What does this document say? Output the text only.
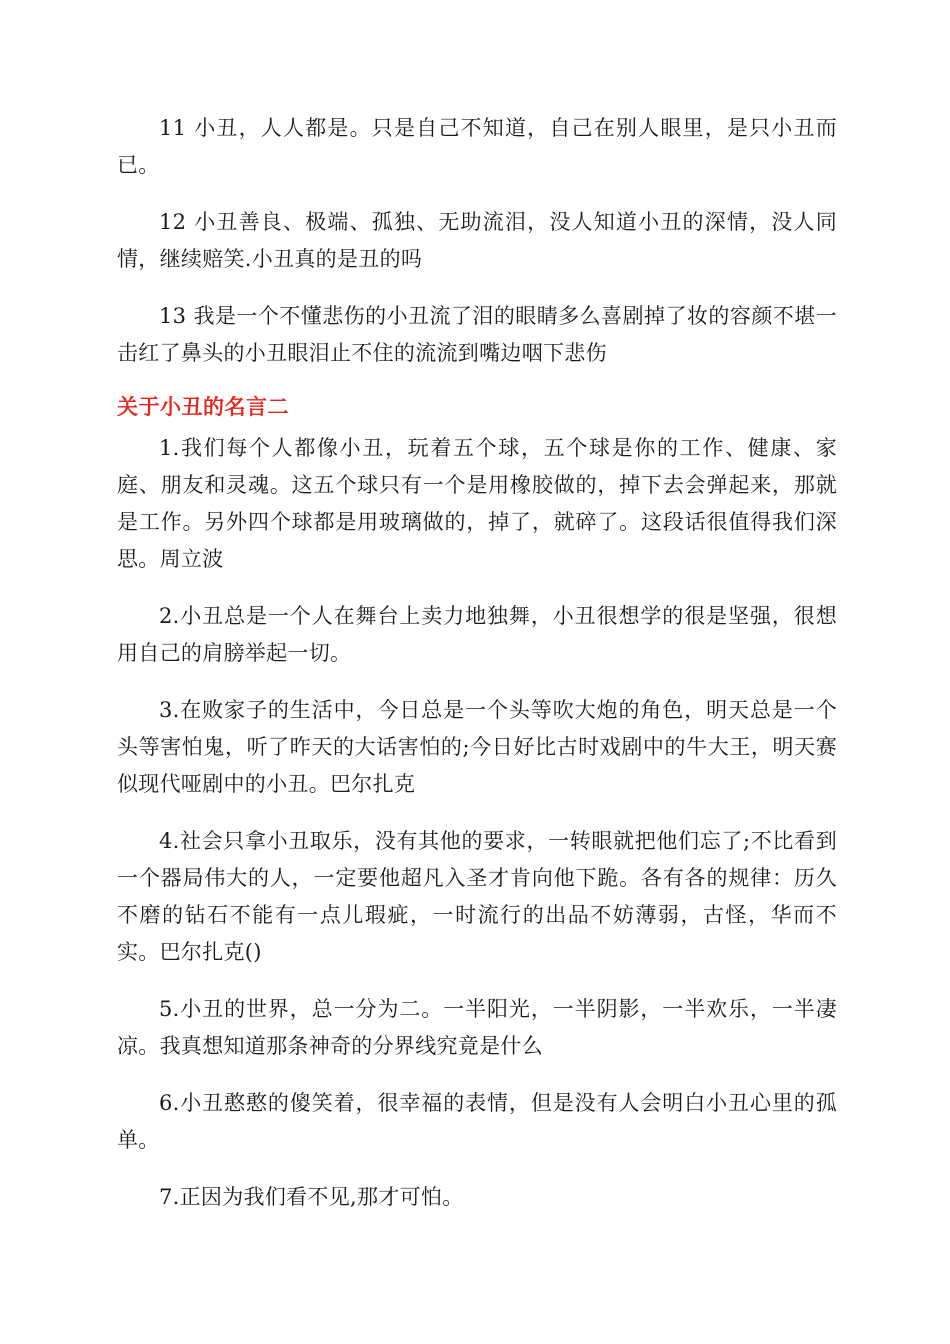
11 小丑，人人都是。只是自己不知道，自己在别人眼里，是只小丑而已。

12 小丑善良、极端、孤独、无助流泪，没人知道小丑的深情，没人同情，继续赔笑.小丑真的是丑的吗

13 我是一个不懂悲伤的小丑流了泪的眼睛多么喜剧掉了妆的容颜不堪一击红了鼻头的小丑眼泪止不住的流流到嘴边咽下悲伤

关于小丑的名言二

1.我们每个人都像小丑，玩着五个球，五个球是你的工作、健康、家庭、朋友和灵魂。这五个球只有一个是用橡胶做的，掉下去会弹起来，那就是工作。另外四个球都是用玻璃做的，掉了，就碎了。这段话很值得我们深思。周立波

2.小丑总是一个人在舞台上卖力地独舞，小丑很想学的很是坚强，很想用自己的肩膀举起一切。

3.在败家子的生活中，今日总是一个头等吹大炮的角色，明天总是一个头等害怕鬼，听了昨天的大话害怕的;今日好比古时戏剧中的牛大王，明天赛似现代哑剧中的小丑。巴尔扎克

4.社会只拿小丑取乐，没有其他的要求，一转眼就把他们忘了;不比看到一个器局伟大的人，一定要他超凡入圣才肯向他下跪。各有各的规律：历久不磨的钻石不能有一点儿瑕疵，一时流行的出品不妨薄弱，古怪，华而不实。巴尔扎克()

5.小丑的世界，总一分为二。一半阳光，一半阴影，一半欢乐，一半凄凉。我真想知道那条神奇的分界线究竟是什么

6.小丑憨憨的傻笑着，很幸福的表情，但是没有人会明白小丑心里的孤单。

7.正因为我们看不见,那才可怕。
